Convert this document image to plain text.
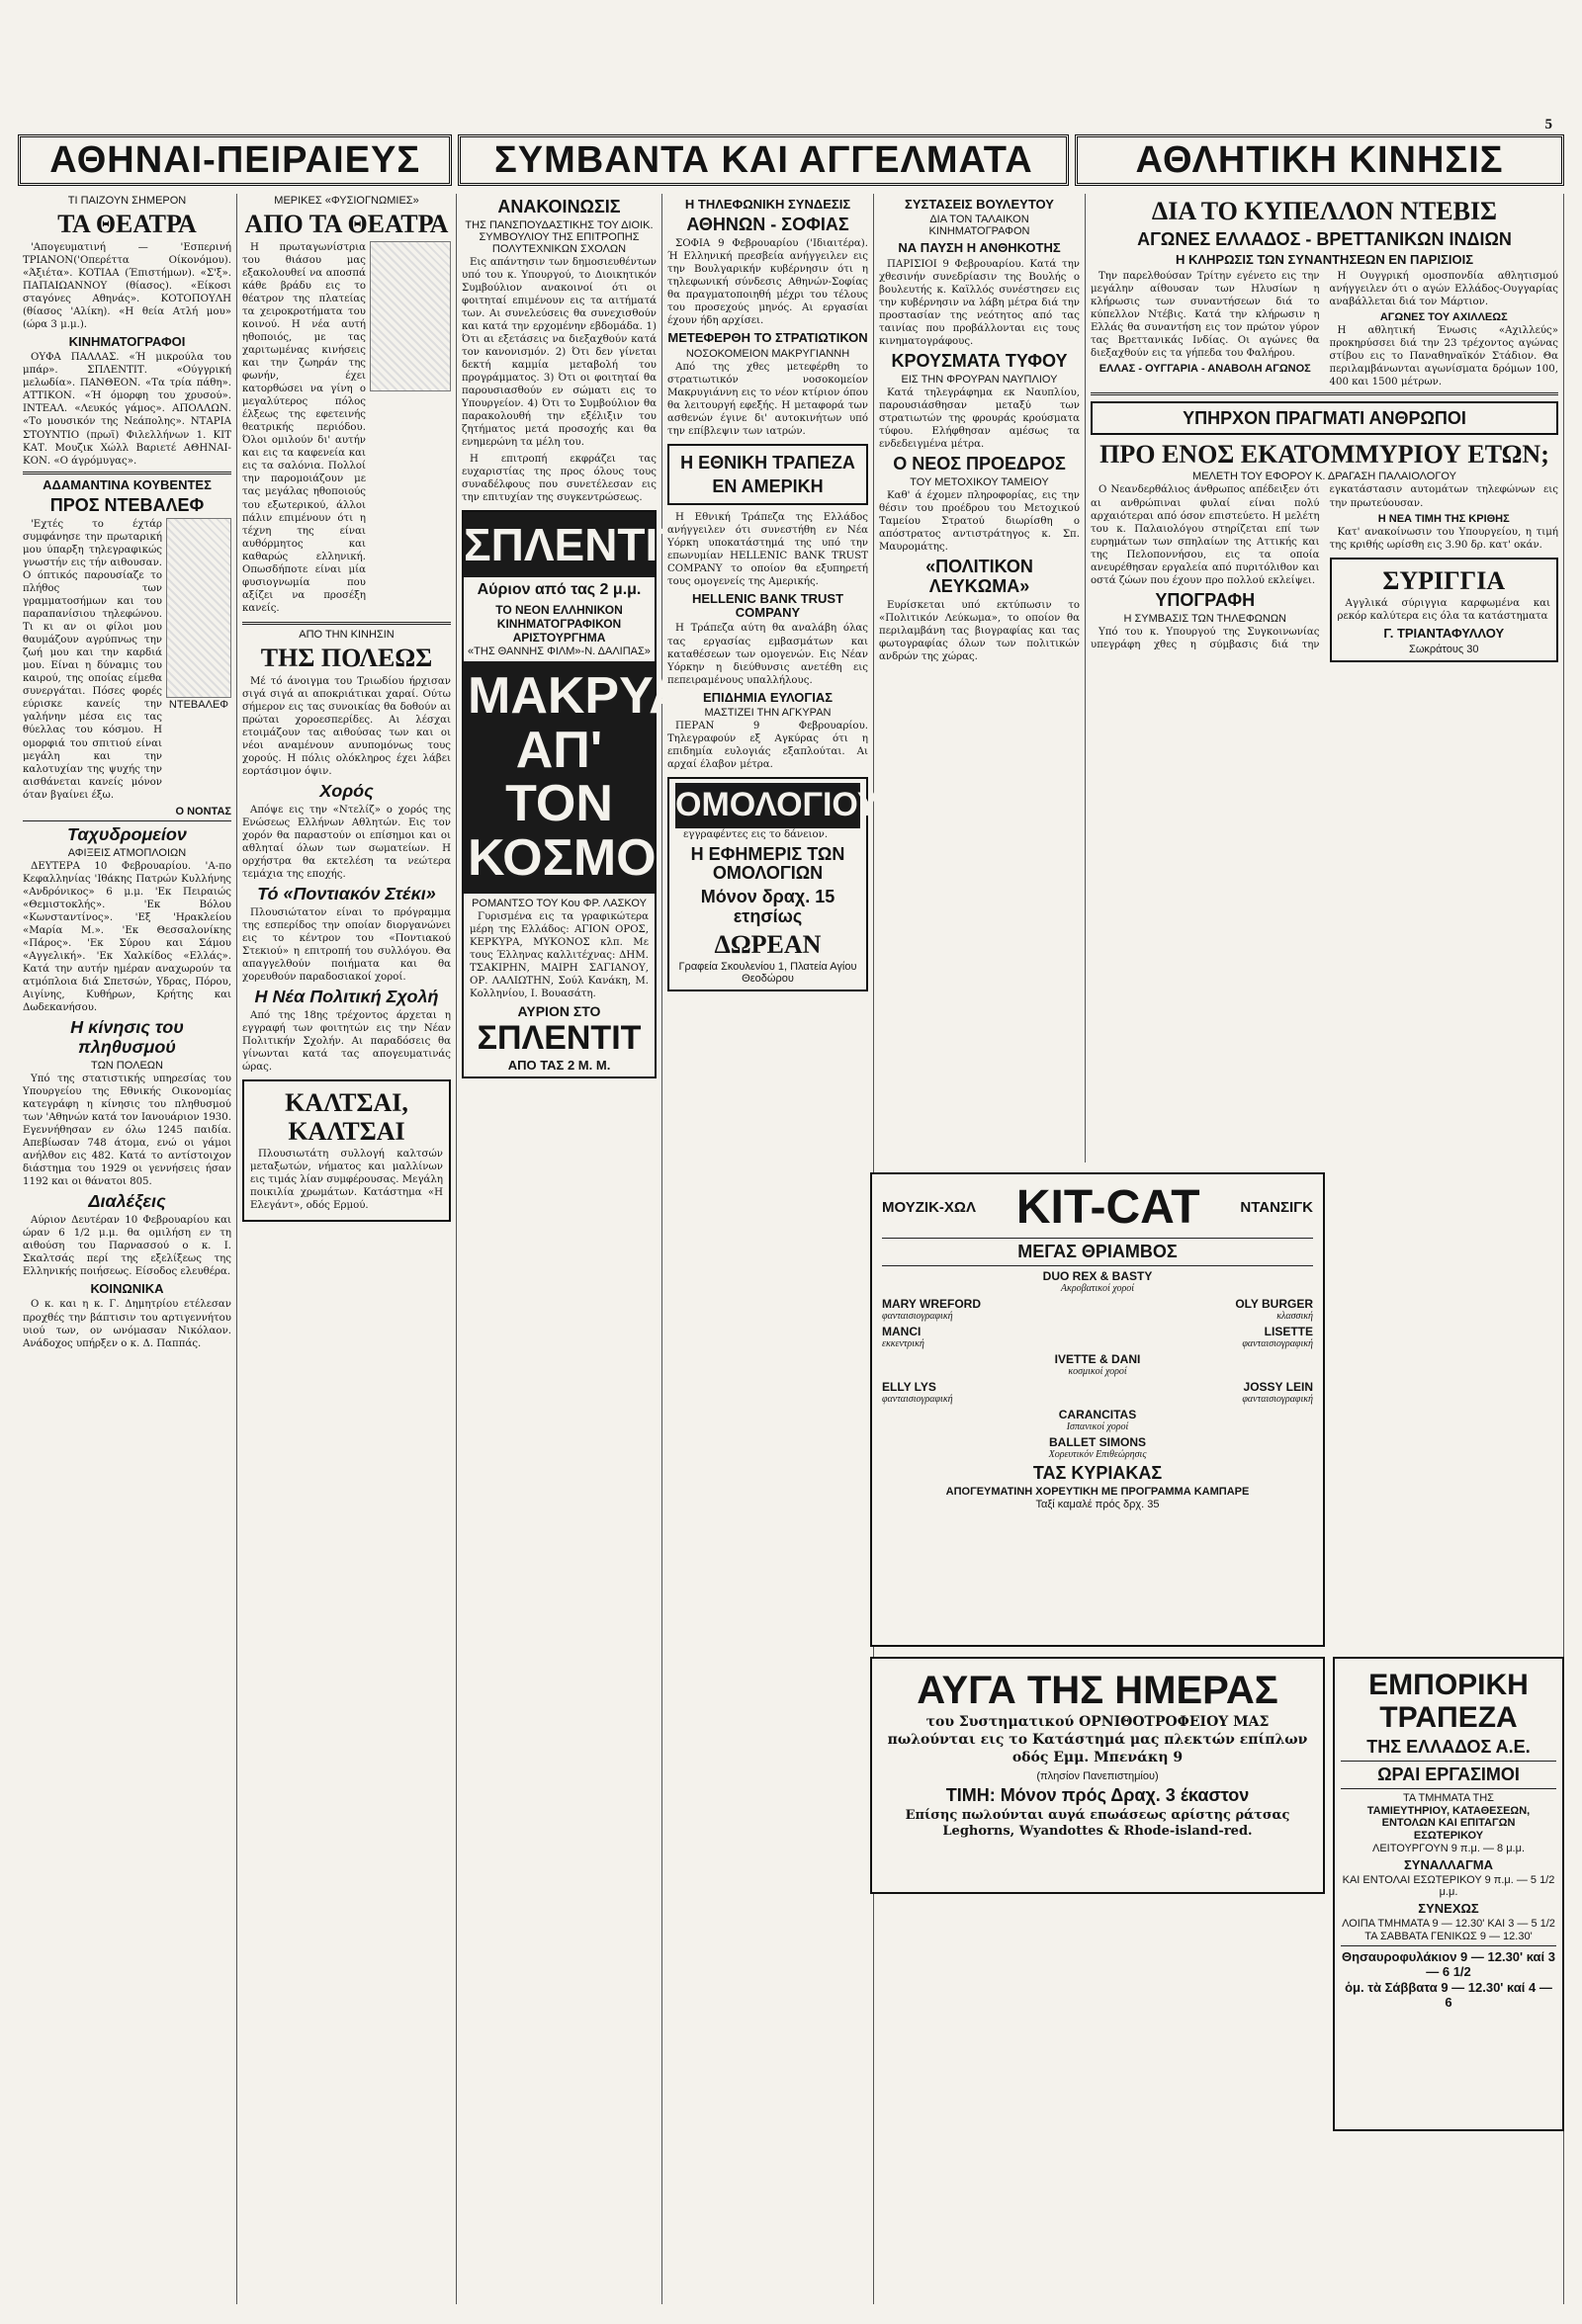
5
ΑΘΗΝΑΙ-ΠΕΙΡΑΙΕΥΣ	ΣΥΜΒΑΝΤΑ ΚΑΙ ΑΓΓΕΛΜΑΤΑ	ΑΘΛΗΤΙΚΗ ΚΙΝΗΣΙΣ
ΤΙ ΠΑΙΖΟΥΝ ΣΗΜΕΡΟΝ
ΤΑ ΘΕΑΤΡΑ

'Απογευματινή — 'Εσπερινή ΤΡΙΑΝΟΝ('Οπερέττα Οίκονόμου). «Άξιέτα». ΚΟΤΙΑΑ (Έπιστήμων). «Σ'ξ». ΠΑΠΑΙΩΑΝΝΟΥ (θίασος). «Είκοσι σταγόνες Αθηνάς». ΚΟΤΟΠΟΥΛΗ (θίασος 'Αλίκη). «Η θεία Ατλή μου» (ώρα 3 μ.μ.).

ΚΙΝΗΜΑΤΟΓΡΑΦΟΙ

ΟΥΦΑ ΠΑΛΛΑΣ. «Ή μικρούλα του μπάρ». ΣΠΛΕΝΤΙΤ. «Ούγγρική μελωδία». ΠΑΝΘΕΟΝ. «Τα τρία πάθη». ΑΤΤΙΚΟΝ. «Ή όμορφη του χρυσού». ΙΝΤΕΑΛ. «Λευκός γάμος». ΑΠΟΛΛΩΝ. «Το μουσικόν της Νεάπολης». ΝΤΑΡΙΑ ΣΤΟΥΝΤΙΟ (πρωϊ) Φιλελλήνων 1. ΚΙΤ ΚΑΤ. Μουζικ Χώλλ Βαριετέ ΑΘΗΝΑΙ-ΚΟΝ. «Ο άγρόμυγας».

ΑΔΑΜΑΝΤΙΝΑ ΚΟΥΒΕΝΤΕΣ
ΠΡΟΣ ΝΤΕΒΑΛΕΦ

'Εχτές το έχτάρ συμφάνησε την πρωταρική μου ύπαρξη τηλεγραφικώς γνωστήν εις τήν αιθουσαν. Ο όπτικός παρουσίαζε το πλήθος των γραμματοσήμων και του παραπανίσιου τηλεφώνου. Τι κι αν οι φίλοι μου θαυμάζουν αγρύπνως την ζωή μου και την καρδιά μου. Είναι η δύναμις του καιρού, της οποίας είμεθα συνεργάται. Πόσες φορές εύρισκε κανείς την γαλήνην μέσα εις τας θύελλας του κόσμου. Η ομορφιά του σπιτιού είναι μεγάλη και την καλοτυχίαν της ψυχής την αισθάνεται κανείς μόνον όταν βγαίνει έξω.

ΝΤΕΒΑΛΕΦ
Ο ΝΟΝΤΑΣ
Ταχυδρομείον
ΑΦΙΞΕΙΣ ΑΤΜΟΠΛΟΙΩΝ

ΔΕΥΤΕΡΑ 10 Φεβρουαρίου. 'Α-πο Κεφαλληνίας 'Ιθάκης Πατρών Κυλλήνης «Ανδρόνικος» 6 μ.μ. 'Εκ Πειραιώς «Θεμιστοκλής». 'Εκ Βόλου «Κωνσταντίνος». 'Εξ 'Ηρακλείου «Μαρία Μ.». 'Εκ Θεσσαλονίκης «Πάρος». 'Εκ Σύρου και Σάμου «Αγγελική». 'Εκ Χαλκίδος «Ελλάς». Κατά την αυτήν ημέραν αναχωρούν τα ατμόπλοια διά Σπετσών, Υδρας, Πόρου, Αιγίνης, Κυθήρων, Κρήτης και Δωδεκανήσου.

Η κίνησις του πληθυσμού
ΤΩΝ ΠΟΛΕΩΝ

Υπό της στατιστικής υπηρεσίας του Υπουργείου της Εθνικής Οικονομίας κατεγράφη η κίνησις του πληθυσμού των 'Αθηνών κατά τον Ιανουάριον 1930. Εγεννήθησαν εν όλω 1245 παιδία. Απεβίωσαν 748 άτομα, ενώ οι γάμοι ανήλθον εις 482. Κατά το αντίστοιχον διάστημα του 1929 οι γεννήσεις ήσαν 1192 και οι θάνατοι 805.

Διαλέξεις

Αύριον Δευτέραν 10 Φεβρουαρίου και ώραν 6 1/2 μ.μ. θα ομιλήση εν τη αιθούση του Παρνασσού ο κ. Ι. Σκαλτσάς περί της εξελίξεως της Ελληνικής ποιήσεως. Είσοδος ελευθέρα.

ΚΟΙΝΩΝΙΚΑ

Ο κ. και η κ. Γ. Δημητρίου ετέλεσαν προχθές την βάπτισιν του αρτιγεννήτου υιού των, ον ωνόμασαν Νικόλαον. Ανάδοχος υπήρξεν ο κ. Δ. Παππάς.

ΜΕΡΙΚΕΣ «ΦΥΣΙΟΓΝΩΜΙΕΣ»
ΑΠΟ ΤΑ ΘΕΑΤΡΑ

Η πρωταγωνίστρια του θιάσου μας εξακολουθεί να αποσπά κάθε βράδυ εις το θέατρον της πλατείας τα χειροκροτήματα του κοινού. Η νέα αυτή ηθοποιός, με τας χαριτωμένας κινήσεις και την ζωηράν της φωνήν, έχει κατορθώσει να γίνη ο μεγαλύτερος πόλος έλξεως της εφετεινής θεατρικής περιόδου. Όλοι ομιλούν δι' αυτήν και εις τα καφενεία και εις τα σαλόνια. Πολλοί την παρομοιάζουν με τας μεγάλας ηθοποιούς του εξωτερικού, άλλοι πάλιν επιμένουν ότι η τέχνη της είναι αυθόρμητος και καθαρώς ελληνική. Οπωσδήποτε είναι μία φυσιογνωμία που αξίζει να προσέξη κανείς.

ΑΠΟ ΤΗΝ ΚΙΝΗΣΙΝ
ΤΗΣ ΠΟΛΕΩΣ

Μέ τό άνοιγμα του Τριωδίου ήρχισαν σιγά σιγά αι αποκριάτικαι χαραί. Ούτω σήμερον εις τας συνοικίας θα δοθούν αι πρώται χοροεσπερίδες. Αι λέσχαι ετοιμάζουν τας αιθούσας των και οι νέοι αναμένουν ανυπομόνως τους χορούς. Η πόλις ολόκληρος έχει λάβει εορτάσιμον όψιν.

Χορός

Απόψε εις την «Ντελίζ» ο χορός της Ενώσεως Ελλήνων Αθλητών. Εις τον χορόν θα παραστούν οι επίσημοι και οι αθληταί όλων των σωματείων. Η ορχήστρα θα εκτελέση τα νεώτερα τεμάχια της εποχής.

Τό «Ποντιακόν Στέκι»

Πλουσιώτατον είναι το πρόγραμμα της εσπερίδος την οποίαν διοργανώνει εις το κέντρον του «Ποντιακού Στεκιού» η επιτροπή του συλλόγου. Θα απαγγελθούν ποιήματα και θα χορευθούν παραδοσιακοί χοροί.

Η Νέα Πολιτική Σχολή

Από της 18ης τρέχοντος άρχεται η εγγραφή των φοιτητών εις την Νέαν Πολιτικήν Σχολήν. Αι παραδόσεις θα γίνωνται κατά τας απογευματινάς ώρας.

ΚΑΛΤΣΑΙ, ΚΑΛΤΣΑΙ

Πλουσιωτάτη συλλογή καλτσών μεταξωτών, νήματος και μαλλίνων εις τιμάς λίαν συμφέρουσας. Μεγάλη ποικιλία χρωμάτων. Κατάστημα «Η Ελεγάντ», οδός Ερμού.

ΑΝΑΚΟΙΝΩΣΙΣ
ΤΗΣ ΠΑΝΣΠΟΥΔΑΣΤΙΚΗΣ ΤΟΥ ΔΙΟΙΚ. ΣΥΜΒΟΥΛΙΟΥ ΤΗΣ ΕΠΙΤΡΟΠΗΣ ΠΟΛΥΤΕΧΝΙΚΩΝ ΣΧΟΛΩΝ

Εις απάντησιν των δημοσιευθέντων υπό του κ. Υπουργού, το Διοικητικόν Συμβούλιον ανακοινοί ότι οι φοιτηταί επιμένουν εις τα αιτήματά των. Αι συνελεύσεις θα συνεχισθούν και κατά την ερχομένην εβδομάδα. 1) Ότι αι εξετάσεις να διεξαχθούν κατά τον κανονισμόν. 2) Ότι δεν γίνεται δεκτή καμμία μεταβολή του προγράμματος. 3) Ότι οι φοιτηταί θα παρουσιασθούν εν σώματι εις το Υπουργείον. 4) Ότι το Συμβούλιον θα παρακολουθή την εξέλιξιν του ζητήματος μετά προσοχής και θα ενημερώνη τα μέλη του.

Η επιτροπή εκφράζει τας ευχαριστίας της προς όλους τους συναδέλφους που συνετέλεσαν εις την επιτυχίαν της συγκεντρώσεως.

ΣΠΛΕΝΤΙΤ
Αύριον από τας 2 μ.μ.
ΤΟ ΝΕΟΝ ΕΛΛΗΝΙΚΟΝ ΚΙΝΗΜΑΤΟΓΡΑΦΙΚΟΝ ΑΡΙΣΤΟΥΡΓΗΜΑ
«ΤΗΣ ΘΑΝΝΗΣ ΦΙΛΜ»-Ν. ΔΑΛΙΠΑΣ»
ΜΑΚΡΥΑ ΑΠ' ΤΟΝ ΚΟΣΜΟ
ΡΟΜΑΝΤΣΟ ΤΟΥ Κου ΦΡ. ΛΑΣΚΟΥ

Γυρισμένα εις τα γραφικώτερα μέρη της Ελλάδος: ΑΓΙΟΝ ΟΡΟΣ, ΚΕΡΚΥΡΑ, ΜΥΚΟΝΟΣ κλπ. Με τους Έλληνας καλλιτέχνας: ΔΗΜ. ΤΣΑΚΙΡΗΝ, ΜΑΙΡΗ ΣΑΓΙΑΝΟΥ, ΟΡ. ΛΑΛΙΩΤΗΝ, Σούλ Κανάκη, Μ. Κολληνίου, Ι. Βουασάτη.

ΑΥΡΙΟΝ ΣΤΟ
ΣΠΛΕΝΤΙΤ
ΑΠΟ ΤΑΣ 2 Μ. Μ.
Η ΤΗΛΕΦΩΝΙΚΗ ΣΥΝΔΕΣΙΣ
ΑΘΗΝΩΝ - ΣΟΦΙΑΣ

ΣΟΦΙΑ 9 Φεβρουαρίου ('Ιδιαιτέρα). Ή Ελληνική πρεσβεία ανήγγειλεν εις την Βουλγαρικήν κυβέρνησιν ότι η τηλεφωνική σύνδεσις Αθηνών-Σοφίας θα πραγματοποιηθή μέχρι του τέλους του προσεχούς μηνός. Αι εργασίαι έχουν ήδη αρχίσει.

ΜΕΤΕΦΕΡΘΗ ΤΟ ΣΤΡΑΤΙΩΤΙΚΟΝ
ΝΟΣΟΚΟΜΕΙΟΝ ΜΑΚΡΥΓΙΑΝΝΗ

Από της χθες μετεφέρθη το στρατιωτικόν νοσοκομείον Μακρυγιάννη εις το νέον κτίριον όπου θα λειτουργή εφεξής. Η μεταφορά των ασθενών έγινε δι' αυτοκινήτων υπό την επίβλεψιν των ιατρών.

Η ΕΘΝΙΚΗ ΤΡΑΠΕΖΑ
ΕΝ ΑΜΕΡΙΚΗ

Η Εθνική Τράπεζα της Ελλάδος ανήγγειλεν ότι συνεστήθη εν Νέα Υόρκη υποκατάστημά της υπό την επωνυμίαν HELLENIC BANK TRUST COMPANY το οποίον θα εξυπηρετή τους ομογενείς της Αμερικής.

HELLENIC BANK TRUST COMPANY

Η Τράπεζα αύτη θα αναλάβη όλας τας εργασίας εμβασμάτων και καταθέσεων των ομογενών. Εις Νέαν Υόρκην η διεύθυνσις ανετέθη εις πεπειραμένους υπαλλήλους.

ΕΠΙΔΗΜΙΑ ΕΥΛΟΓΙΑΣ
ΜΑΣΤΙΖΕΙ ΤΗΝ ΑΓΚΥΡΑΝ

ΠΕΡΑΝ 9 Φεβρουαρίου. Τηλεγραφούν εξ Αγκύρας ότι η επιδημία ευλογιάς εξαπλούται. Αι αρχαί έλαβον μέτρα.

ΟΜΟΛΟΓΙΟΥΧΟΙ

εγγραφέντες εις το δάνειον.

Η ΕΦΗΜΕΡΙΣ ΤΩΝ ΟΜΟΛΟΓΙΩΝ
Μόνον δραχ. 15 ετησίως
ΔΩΡΕΑΝ
Γραφεία Σκουλενίου 1, Πλατεία Αγίου Θεοδώρου
ΣΥΣΤΑΣΕΙΣ ΒΟΥΛΕΥΤΟΥ
ΔΙΑ ΤΟΝ ΤΑΛΑΙΚΟΝ ΚΙΝΗΜΑΤΟΓΡΑΦΟΝ
ΝΑ ΠΑΥΣΗ Η ΑΝΘΗΚΟΤΗΣ

ΠΑΡΙΣΙΟΙ 9 Φεβρουαρίου. Κατά την χθεσινήν συνεδρίασιν της Βουλής ο βουλευτής κ. Καϊλλός συνέστησεν εις την κυβέρνησιν να λάβη μέτρα διά την προστασίαν της νεότητος από τας ταινίας που προβάλλονται εις τους κινηματογράφους.

ΚΡΟΥΣΜΑΤΑ ΤΥΦΟΥ
ΕΙΣ ΤΗΝ ΦΡΟΥΡΑΝ ΝΑΥΠΛΙΟΥ

Κατά τηλεγράφημα εκ Ναυπλίου, παρουσιάσθησαν μεταξύ των στρατιωτών της φρουράς κρούσματα τύφου. Ελήφθησαν αμέσως τα ενδεδειγμένα μέτρα.

Ο ΝΕΟΣ ΠΡΟΕΔΡΟΣ
ΤΟΥ ΜΕΤΟΧΙΚΟΥ ΤΑΜΕΙΟΥ

Καθ' ά έχομεν πληροφορίας, εις την θέσιν του προέδρου του Μετοχικού Ταμείου Στρατού διωρίσθη ο απόστρατος αντιστράτηγος κ. Σπ. Μαυρομάτης.

«ΠΟΛΙΤΙΚΟΝ ΛΕΥΚΩΜΑ»

Ευρίσκεται υπό εκτύπωσιν το «Πολιτικόν Λεύκωμα», το οποίον θα περιλαμβάνη τας βιογραφίας και τας φωτογραφίας όλων των πολιτικών ανδρών της χώρας.

ΔΙΑ ΤΟ ΚΥΠΕΛΛΟΝ ΝΤΕΒΙΣ
ΑΓΩΝΕΣ ΕΛΛΑΔΟΣ - ΒΡΕΤΤΑΝΙΚΩΝ ΙΝΔΙΩΝ
Η ΚΛΗΡΩΣΙΣ ΤΩΝ ΣΥΝΑΝΤΗΣΕΩΝ ΕΝ ΠΑΡΙΣΙΟΙΣ

Την παρελθούσαν Τρίτην εγένετο εις την μεγάλην αίθουσαν των Ηλυσίων η κλήρωσις των συναντήσεων διά το κύπελλον Ντέβις. Κατά την κλήρωσιν η Ελλάς θα συναντήση εις τον πρώτον γύρον τας Βρεττανικάς Ινδίας. Οι αγώνες θα διεξαχθούν εις τα γήπεδα του Φαλήρου.

ΕΛΛΑΣ - ΟΥΓΓΑΡΙΑ - ΑΝΑΒΟΛΗ ΑΓΩΝΟΣ

Η Ουγγρική ομοσπονδία αθλητισμού ανήγγειλεν ότι ο αγών Ελλάδος-Ουγγαρίας αναβάλλεται διά τον Μάρτιον.

ΑΓΩΝΕΣ ΤΟΥ ΑΧΙΛΛΕΩΣ

Η αθλητική Ένωσις «Αχιλλεύς» προκηρύσσει διά την 23 τρέχοντος αγώνας στίβου εις το Παναθηναϊκόν Στάδιον. Θα περιλαμβάνωνται αγωνίσματα δρόμων 100, 400 και 1500 μέτρων.

ΥΠΗΡΧΟΝ ΠΡΑΓΜΑΤΙ ΑΝΘΡΩΠΟΙ
ΠΡΟ ΕΝΟΣ ΕΚΑΤΟΜΜΥΡΙΟΥ ΕΤΩΝ;
ΜΕΛΕΤΗ ΤΟΥ ΕΦΟΡΟΥ Κ. ΔΡΑΓΑΣΗ ΠΑΛΑΙΟΛΟΓΟΥ

Ο Νεανδερθάλιος άνθρωπος απέδειξεν ότι αι ανθρώπιναι φυλαί είναι πολύ αρχαιότεραι από όσον επιστεύετο. Η μελέτη του κ. Παλαιολόγου στηρίζεται επί των ευρημάτων των σπηλαίων της Αττικής και της Πελοποννήσου, εις τα οποία ανευρέθησαν εργαλεία από πυριτόλιθον και οστά ζώων που έχουν προ πολλού εκλείψει.

ΥΠΟΓΡΑΦΗ
Η ΣΥΜΒΑΣΙΣ ΤΩΝ ΤΗΛΕΦΩΝΩΝ

Υπό του κ. Υπουργού της Συγκοινωνίας υπεγράφη χθες η σύμβασις διά την εγκατάστασιν αυτομάτων τηλεφώνων εις την πρωτεύουσαν.

Η ΝΕΑ ΤΙΜΗ ΤΗΣ ΚΡΙΘΗΣ

Κατ' ανακοίνωσιν του Υπουργείου, η τιμή της κριθής ωρίσθη εις 3.90 δρ. κατ' οκάν.

ΣΥΡΙΓΓΙΑ

Αγγλικά σύριγγια καρφωμένα και ρεκόρ καλύτερα εις όλα τα κατάστηματα

Γ. ΤΡΙΑΝΤΑΦΥΛΛΟΥ
Σωκράτους 30
ΜΟΥΖΙΚ-ΧΩΛ KIT-CAT	ΝΤΑΝΣΙΓΚ
ΜΕΓΑΣ ΘΡΙΑΜΒΟΣ
DUO REX & BASTY
Ακροβατικοί χοροί
MARY WREFORD	OLY BURGER
φανταισιογραφική	κλασσική
MANCI	LISETTE
εκκεντρική	φανταισιογραφική
IVETTE & DANI
κοσμικοί χοροί
ELLY LYS	JOSSY LEIN
φανταισιογραφική	φανταισιογραφική
CARANCITAS
Ισπανικοί χοροί
BALLET SIMONS
Χορευτικόν Επιθεώρησις
ΤΑΣ ΚΥΡΙΑΚΑΣ
ΑΠΟΓΕΥΜΑΤΙΝΗ ΧΟΡΕΥΤΙΚΗ ΜΕ ΠΡΟΓΡΑΜΜΑ ΚΑΜΠΑΡΕ
Ταξί καμαλέ πρός δρχ. 35
ΑΥΓΑ ΤΗΣ ΗΜΕΡΑΣ

του Συστηματικού ΟΡΝΙΘΟΤΡΟΦΕΙΟΥ ΜΑΣ πωλούνται εις το Κατάστημά μας πλεκτών επίπλων οδός Εμμ. Μπενάκη 9

(πλησίον Πανεπιστημίου)
ΤΙΜΗ: Μόνον πρός Δραχ. 3 έκαστον

Επίσης πωλούνται αυγά επωάσεως αρίστης ράτσας Leghorns, Wyandottes & Rhode-island-red.

ΕΜΠΟΡΙΚΗ ΤΡΑΠΕΖΑ
ΤΗΣ ΕΛΛΑΔΟΣ Α.Ε.
ΩΡΑΙ ΕΡΓΑΣΙΜΟΙ
ΤΑ ΤΜΗΜΑΤΑ ΤΗΣ
ΤΑΜΙΕΥΤΗΡΙΟΥ, ΚΑΤΑΘΕΣΕΩΝ, ΕΝΤΟΛΩΝ ΚΑΙ ΕΠΙΤΑΓΩΝ
ΕΣΩΤΕΡΙΚΟΥ
ΛΕΙΤΟΥΡΓΟΥΝ 9 π.μ. — 8 μ.μ.
ΣΥΝΑΛΛΑΓΜΑ
ΚΑΙ ΕΝΤΟΛΑΙ ΕΣΩΤΕΡΙΚΟΥ 9 π.μ. — 5 1/2 μ.μ.
ΣΥΝΕΧΩΣ
ΛΟΙΠΑ ΤΜΗΜΑΤΑ 9 — 12.30' ΚΑΙ 3 — 5 1/2
ΤΑ ΣΑΒΒΑΤΑ ΓΕΝΙΚΩΣ 9 — 12.30'
Θησαυροφυλάκιον 9 — 12.30' καί 3 — 6 1/2
ὁμ. τὰ Σάββατα 9 — 12.30' καί 4 — 6
